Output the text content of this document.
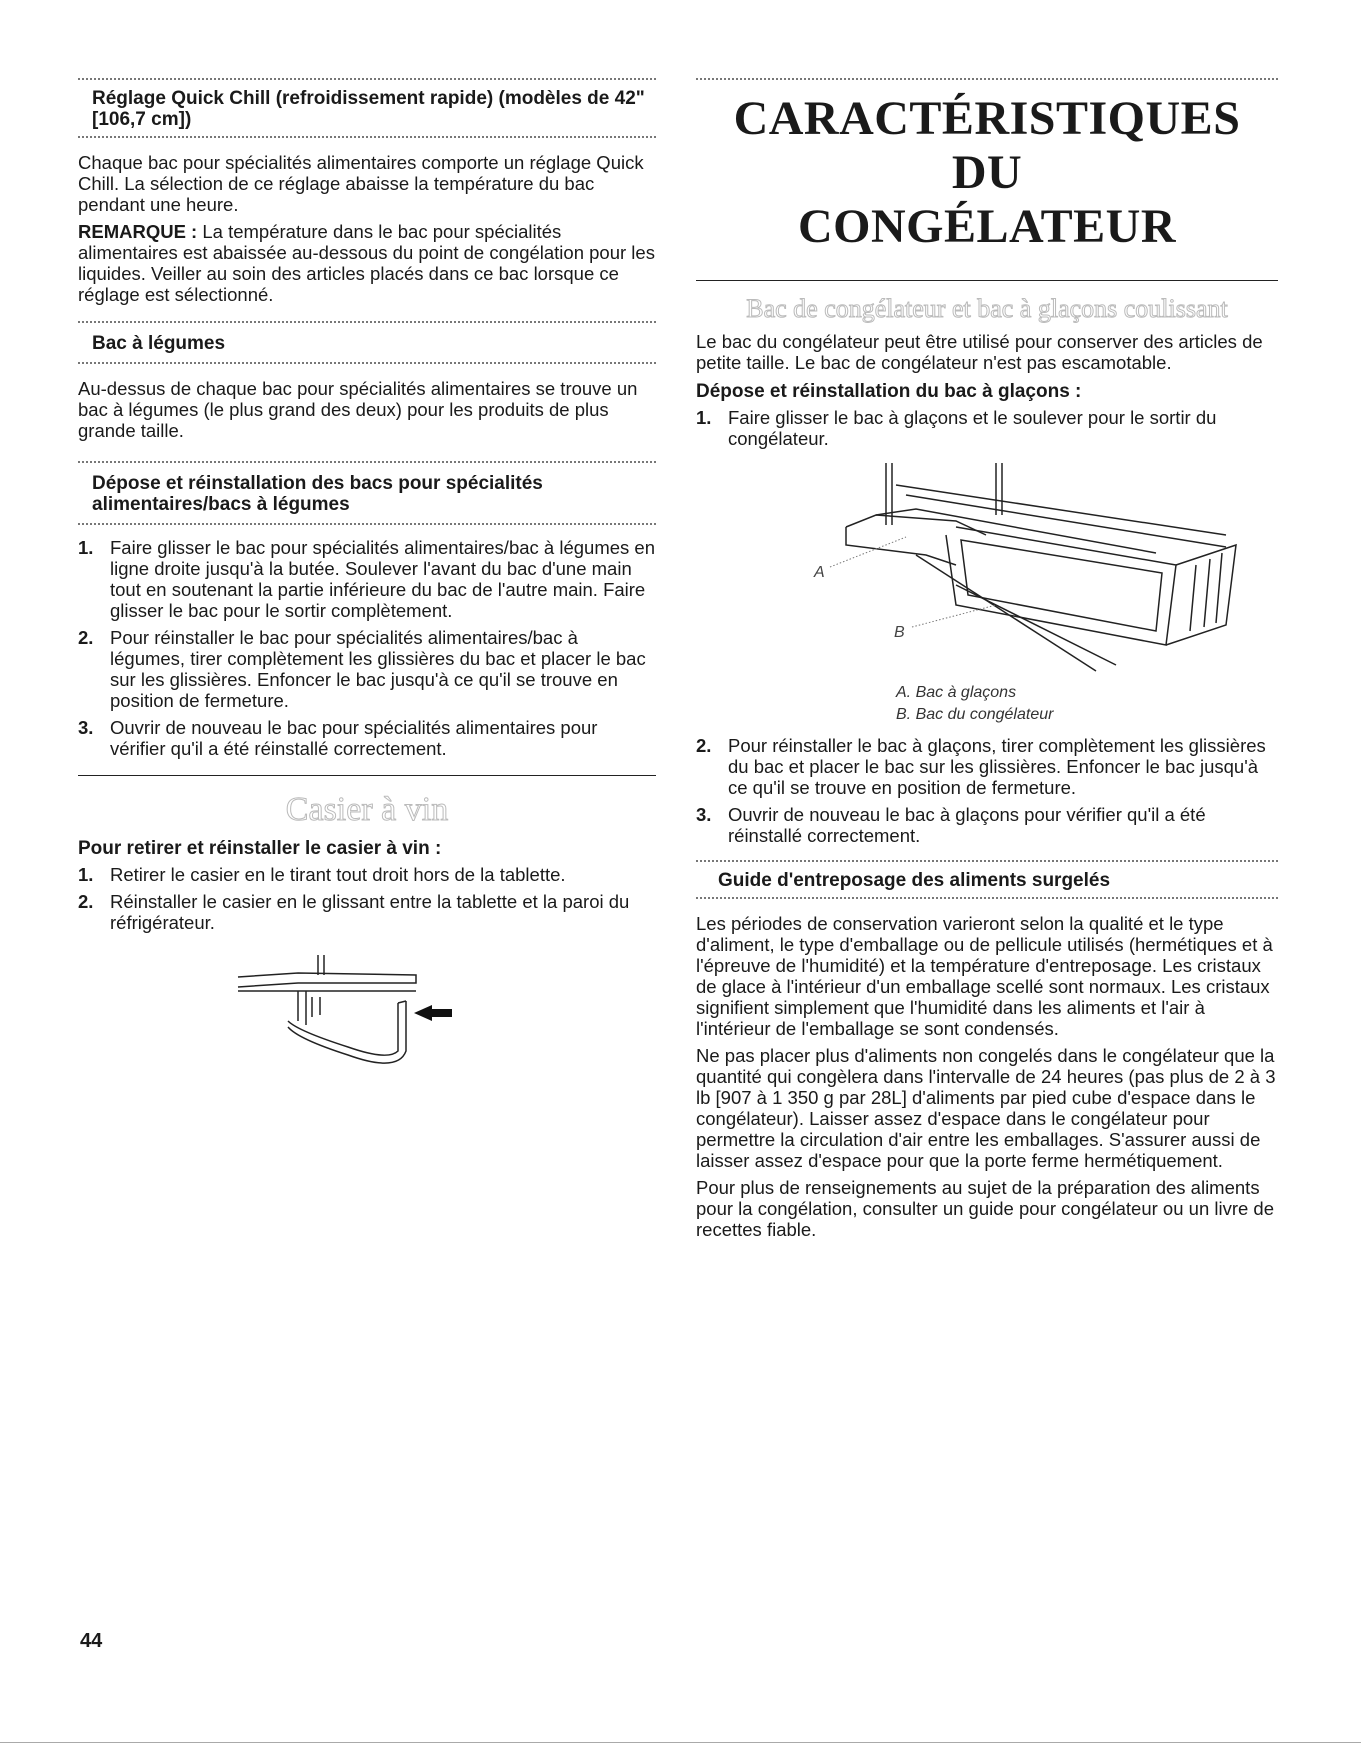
Réglage Quick Chill (refroidissement rapide) (modèles de 42" [106,7 cm])

Chaque bac pour spécialités alimentaires comporte un réglage Quick Chill. La sélection de ce réglage abaisse la température du bac pendant une heure.

REMARQUE : La température dans le bac pour spécialités alimentaires est abaissée au-dessous du point de congélation pour les liquides. Veiller au soin des articles placés dans ce bac lorsque ce réglage est sélectionné.

Bac à légumes

Au-dessus de chaque bac pour spécialités alimentaires se trouve un bac à légumes (le plus grand des deux) pour les produits de plus grande taille.

Dépose et réinstallation des bacs pour spécialités alimentaires/bacs à légumes
1. Faire glisser le bac pour spécialités alimentaires/bac à légumes en ligne droite jusqu'à la butée. Soulever l'avant du bac d'une main tout en soutenant la partie inférieure du bac de l'autre main. Faire glisser le bac pour le sortir complètement.
2. Pour réinstaller le bac pour spécialités alimentaires/bac à légumes, tirer complètement les glissières du bac et placer le bac sur les glissières. Enfoncer le bac jusqu'à ce qu'il se trouve en position de fermeture.
3. Ouvrir de nouveau le bac pour spécialités alimentaires pour vérifier qu'il a été réinstallé correctement.
Casier à vin
Pour retirer et réinstaller le casier à vin :
1. Retirer le casier en le tirant tout droit hors de la tablette.
2. Réinstaller le casier en le glissant entre la tablette et la paroi du réfrigérateur.
CARACTÉRISTIQUES DU
CONGÉLATEUR
Bac de congélateur et bac à glaçons coulissant

Le bac du congélateur peut être utilisé pour conserver des articles de petite taille. Le bac de congélateur n'est pas escamotable.

Dépose et réinstallation du bac à glaçons :
1. Faire glisser le bac à glaçons et le soulever pour le sortir du congélateur.
A
B
A. Bac à glaçons
B. Bac du congélateur
2. Pour réinstaller le bac à glaçons, tirer complètement les glissières du bac et placer le bac sur les glissières. Enfoncer le bac jusqu'à ce qu'il se trouve en position de fermeture.
3. Ouvrir de nouveau le bac à glaçons pour vérifier qu'il a été réinstallé correctement.
Guide d'entreposage des aliments surgelés

Les périodes de conservation varieront selon la qualité et le type d'aliment, le type d'emballage ou de pellicule utilisés (hermétiques et à l'épreuve de l'humidité) et la température d'entreposage. Les cristaux de glace à l'intérieur d'un emballage scellé sont normaux. Les cristaux signifient simplement que l'humidité dans les aliments et l'air à l'intérieur de l'emballage se sont condensés.

Ne pas placer plus d'aliments non congelés dans le congélateur que la quantité qui congèlera dans l'intervalle de 24 heures (pas plus de 2 à 3 lb [907 à 1 350 g par 28L] d'aliments par pied cube d'espace dans le congélateur). Laisser assez d'espace dans le congélateur pour permettre la circulation d'air entre les emballages. S'assurer aussi de laisser assez d'espace pour que la porte ferme hermétiquement.

Pour plus de renseignements au sujet de la préparation des aliments pour la congélation, consulter un guide pour congélateur ou un livre de recettes fiable.

44
